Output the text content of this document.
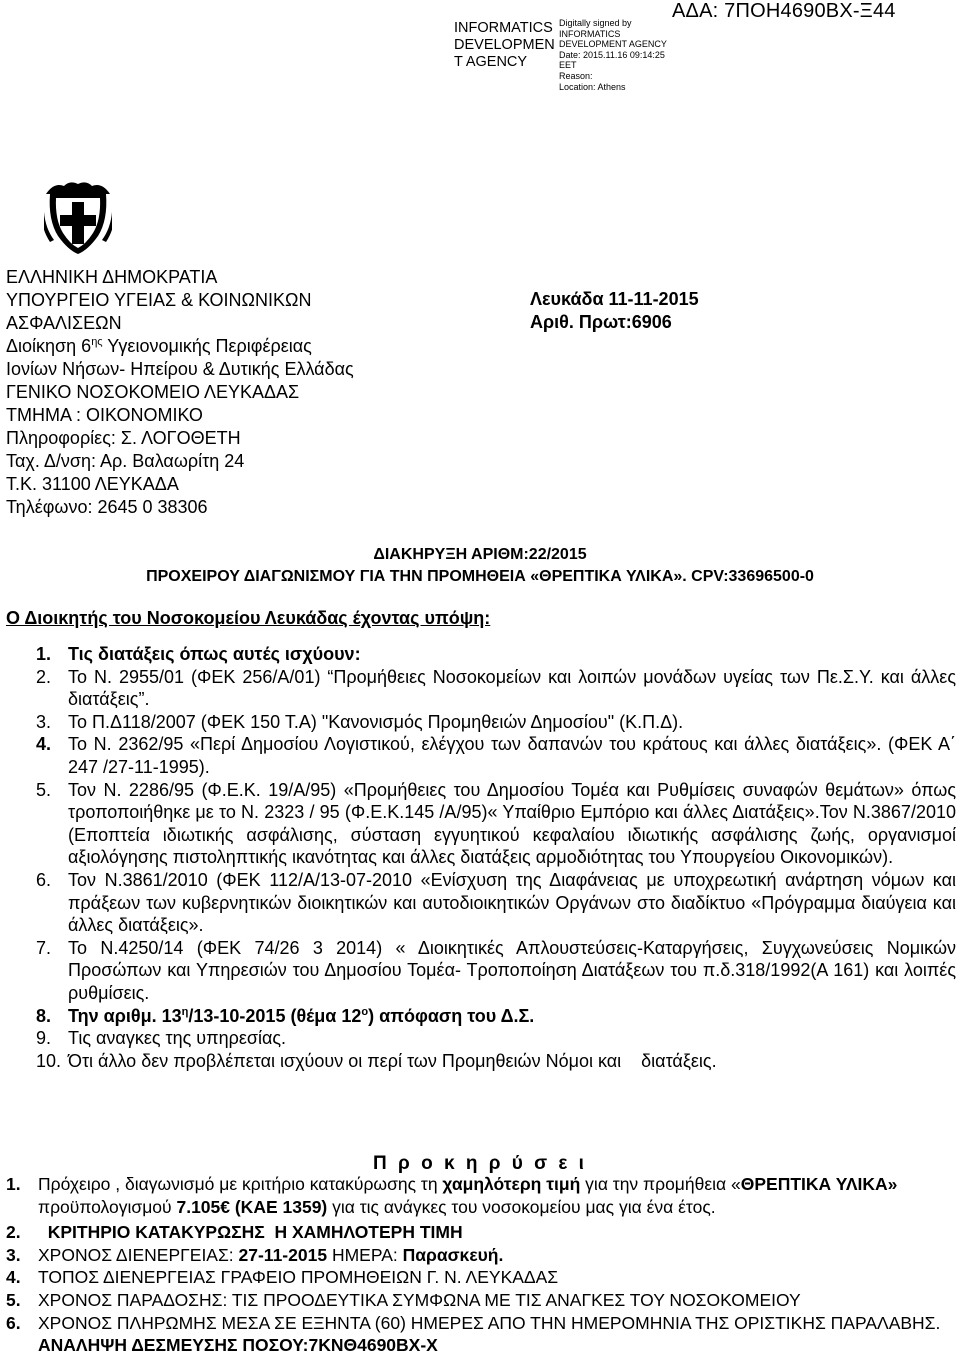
INFORMATICS
DEVELOPMEN
T AGENCY
Digitally signed by
INFORMATICS
DEVELOPMENT AGENCY
Date: 2015.11.16 09:14:25
EET
Reason:
Location: Athens
ΑΔΑ: 7ΠΟΗ4690ΒΧ-Ξ44
ΕΛΛΗΝΙΚΗ ΔΗΜΟΚΡΑΤΙΑ
ΥΠΟΥΡΓΕΙΟ ΥΓΕΙΑΣ & ΚΟΙΝΩΝΙΚΩΝ
ΑΣΦΑΛΙΣΕΩΝ
Διοίκηση $6^{\eta\varsigma}$ Υγειονομικής Περιφέρειας
Ιονίων Νήσων- Ηπείρου & Δυτικής Ελλάδας
ΓΕΝΙΚΟ ΝΟΣΟΚΟΜΕΙΟ ΛΕΥΚΑΔΑΣ
ΤΜΗΜΑ : ΟΙΚΟΝΟΜΙΚΟ
Πληροφορίες: Σ. ΛΟΓΟΘΕΤΗ
Ταχ. Δ/νση: Αρ. Βαλαωρίτη 24
Τ.Κ. 31100 ΛΕΥΚΑΔΑ
Τηλέφωνο: 2645 0 38306
Λευκάδα 11-11-2015
Αριθ. Πρωτ:6906
ΔΙΑΚΗΡΥΞΗ ΑΡΙΘΜ:22/2015
ΠΡΟΧΕΙΡΟΥ ΔΙΑΓΩΝΙΣΜΟΥ ΓΙΑ ΤΗΝ ΠΡΟΜΗΘΕΙΑ «ΘΡΕΠΤΙΚΑ ΥΛΙΚΑ». CPV:33696500-0
Ο Διοικητής του Νοσοκομείου Λευκάδας έχοντας υπόψη:
1. Τις διατάξεις όπως αυτές ισχύουν:
2. Το Ν. 2955/01 (ΦΕΚ 256/Α/01) “Προμήθειες Νοσοκομείων και λοιπών μονάδων υγείας των Πε.Σ.Υ. και άλλες διατάξεις”.
3. Το Π.Δ118/2007 (ΦΕΚ 150 Τ.Α) "Κανονισμός Προμηθειών Δημοσίου" (Κ.Π.Δ).
4. Το Ν. 2362/95 «Περί Δημοσίου Λογιστικού, ελέγχου των δαπανών του κράτους και άλλες διατάξεις». (ΦΕΚ Α΄ 247 /27-11-1995).
5. Τον Ν. 2286/95 (Φ.Ε.Κ. 19/Α/95) «Προμήθειες του Δημοσίου Τομέα και Ρυθμίσεις συναφών θεμάτων» όπως τροποποιήθηκε με το Ν. 2323 / 95 (Φ.Ε.Κ.145 /Α/95)« Υπαίθριο Εμπόριο και άλλες Διατάξεις».Τον Ν.3867/2010 (Εποπτεία ιδιωτικής ασφάλισης, σύσταση εγγυητικού κεφαλαίου ιδιωτικής ασφάλισης ζωής, οργανισμοί αξιολόγησης πιστοληπτικής ικανότητας και άλλες διατάξεις αρμοδιότητας του Υπουργείου Οικονομικών).
6. Τον Ν.3861/2010 (ΦΕΚ 112/Α/13-07-2010 «Ενίσχυση της Διαφάνειας με υποχρεωτική ανάρτηση νόμων και πράξεων των κυβερνητικών διοικητικών και αυτοδιοικητικών Οργάνων στο διαδίκτυο «Πρόγραμμα διαύγεια και άλλες διατάξεις».
7. Το Ν.4250/14 (ΦΕΚ 74/26 3 2014) « Διοικητικές Απλουστεύσεις-Καταργήσεις, Συγχωνεύσεις Νομικών Προσώπων και Υπηρεσιών του Δημοσίου Τομέα- Τροποποίηση Διατάξεων του π.δ.318/1992(Α 161) και λοιπές ρυθμίσεις.
8. Την αριθμ. $13^\eta/13-10-2015$ (θέμα $12^o$) απόφαση του Δ.Σ.
9. Τις αναγκες της υπηρεσίας.
10. Ότι άλλο δεν προβλέπεται ισχύουν οι περί των Προμηθειών Νόμοι και    διατάξεις.
Π ρ ο κ η ρ ύ σ ε ι
1. Πρόχειρο , διαγωνισμό με κριτήριο κατακύρωσης τη χαμηλότερη τιμή για την προμήθεια «ΘΡΕΠΤΙΚΑ ΥΛΙΚΑ» προϋπολογισμού 7.105€ (ΚΑΕ 1359) για τις ανάγκες του νοσοκομείου μας για ένα έτος.
2. ΚΡΙΤΗΡΙΟ ΚΑΤΑΚΥΡΩΣΗΣ  Η ΧΑΜΗΛΟΤΕΡΗ ΤΙΜΗ
3. ΧΡΟΝΟΣ ΔΙΕΝΕΡΓΕΙΑΣ: 27-11-2015 ΗΜΕΡΑ: Παρασκευή.
4. ΤΟΠΟΣ ΔΙΕΝΕΡΓΕΙΑΣ ΓΡΑΦΕΙΟ ΠΡΟΜΗΘΕΙΩΝ Γ. Ν. ΛΕΥΚΑΔΑΣ
5. ΧΡΟΝΟΣ ΠΑΡΑΔΟΣΗΣ: ΤΙΣ ΠΡΟΟΔΕΥΤΙΚΑ ΣΥΜΦΩΝΑ ΜΕ ΤΙΣ ΑΝΑΓΚΕΣ ΤΟΥ ΝΟΣΟΚΟΜΕΙΟΥ
6. ΧΡΟΝΟΣ ΠΛΗΡΩΜΗΣ ΜΕΣΑ ΣΕ ΕΞΗΝΤΑ (60) ΗΜΕΡΕΣ ΑΠΟ ΤΗΝ ΗΜΕΡΟΜΗΝΙΑ ΤΗΣ ΟΡΙΣΤΙΚΗΣ ΠΑΡΑΛΑΒΗΣ. ΑΝΑΛΗΨΗ ΔΕΣΜΕΥΣΗΣ ΠΟΣΟΥ:7ΚΝΘ4690ΒΧ-Χ
